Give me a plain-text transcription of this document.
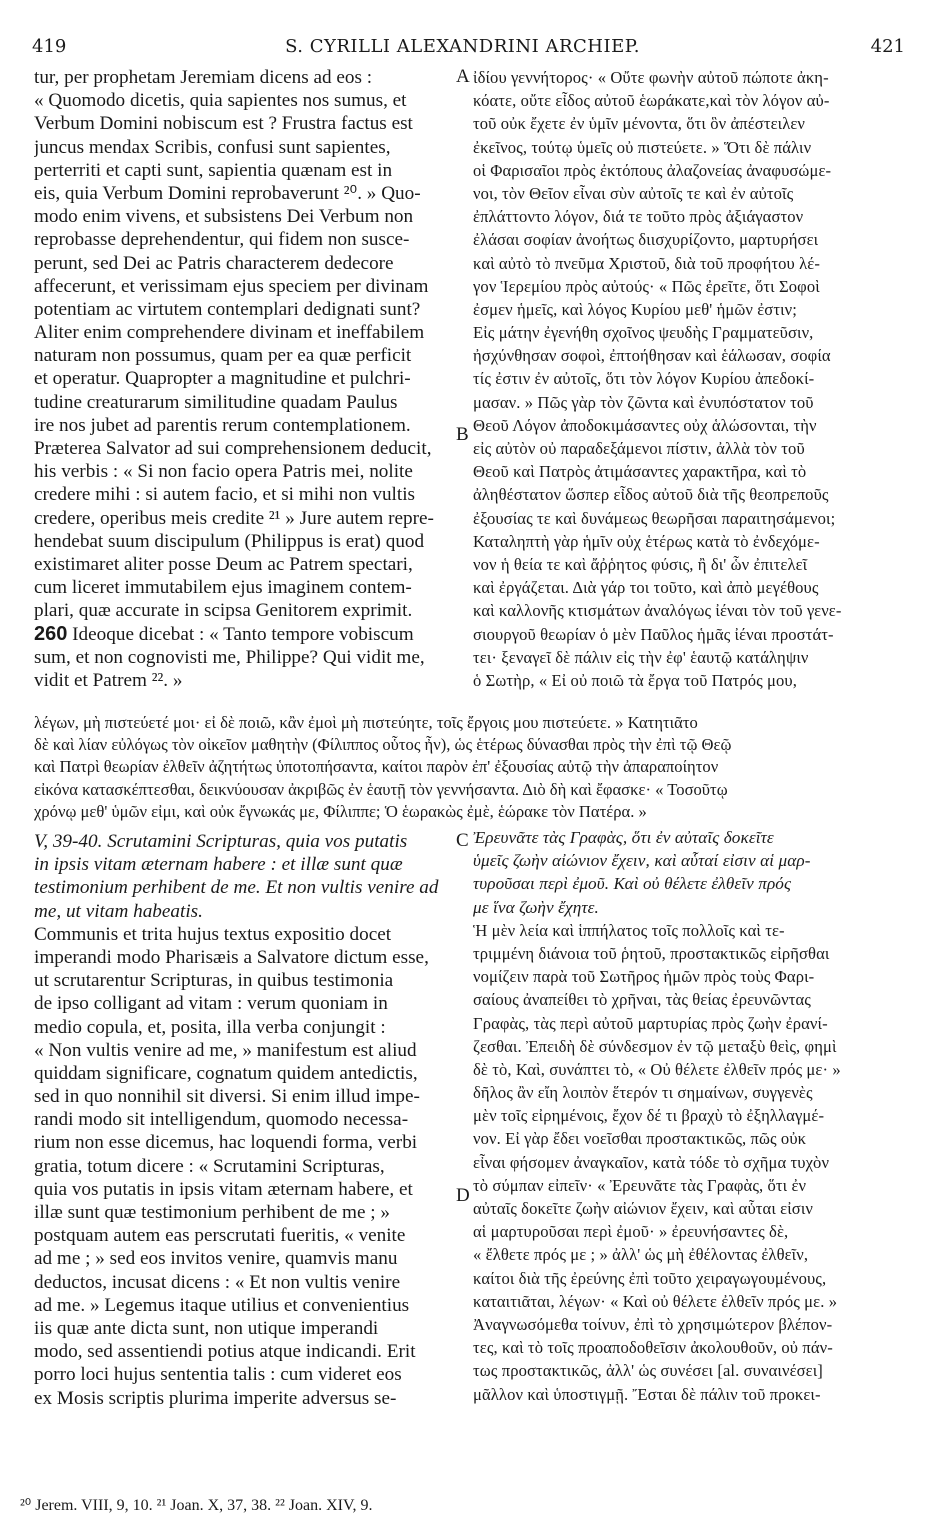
419	S. CYRILLI ALEXANDRINI ARCHIEP.	421
tur, per prophetam Jeremiam dicens ad eos :
« Quomodo dicetis, quia sapientes nos sumus, et
Verbum Domini nobiscum est ? Frustra factus est
juncus mendax Scribis, confusi sunt sapientes,
perterriti et capti sunt, sapientia quænam est in
eis, quia Verbum Domini reprobaverunt ²⁰. » Quo-
modo enim vivens, et subsistens Dei Verbum non
reprobasse deprehendentur, qui fidem non susce-
perunt, sed Dei ac Patris characterem dedecore
affecerunt, et verissimam ejus speciem per divinam
potentiam ac virtutem contemplari dedignati sunt?
Aliter enim comprehendere divinam et ineffabilem
naturam non possumus, quam per ea quæ perficit
et operatur. Quapropter a magnitudine et pulchri-
tudine creaturarum similitudine quadam Paulus
ire nos jubet ad parentis rerum contemplationem.
Præterea Salvator ad sui comprehensionem deducit,
his verbis : « Si non facio opera Patris mei, nolite
credere mihi : si autem facio, et si mihi non vultis
credere, operibus meis credite ²¹ » Jure autem repre-
hendebat suum discipulum (Philippus is erat) quod
existimaret aliter posse Deum ac Patrem spectari,
cum liceret immutabilem ejus imaginem contem-
plari, quæ accurate in scipsa Genitorem exprimit.
260 Ideoque dicebat : « Tanto tempore vobiscum
sum, et non cognovisti me, Philippe? Qui vidit me,
vidit et Patrem ²². »
ἰδίου γεννήτορος· « Οὔτε φωνὴν αὐτοῦ πώποτε ἀκη-
κόατε, οὔτε εἶδος αὐτοῦ ἑωράκατε,καὶ τὸν λόγον αὐ-
τοῦ οὐκ ἔχετε ἐν ὑμῖν μένοντα, ὅτι ὃν ἀπέστειλεν
ἐκεῖνος, τούτῳ ὑμεῖς οὐ πιστεύετε. » Ὅτι δὲ πάλιν
οἱ Φαρισαῖοι πρὸς ἐκτόπους ἀλαζονείας ἀναφυσώμε-
νοι, τὸν Θεῖον εἶναι σὺν αὐτοῖς τε καὶ ἐν αὐτοῖς
ἐπλάττοντο λόγον, διά τε τοῦτο πρὸς ἀξιάγαστον
ἐλάσαι σοφίαν ἀνοήτως διισχυρίζοντο, μαρτυρήσει
καὶ αὐτὸ τὸ πνεῦμα Χριστοῦ, διὰ τοῦ προφήτου λέ-
γον Ἱερεμίου πρὸς αὐτούς· « Πῶς ἐρεῖτε, ὅτι Σοφοὶ
ἐσμεν ἡμεῖς, καὶ λόγος Κυρίου μεθ' ἡμῶν ἐστιν;
Εἰς μάτην ἐγενήθη σχοῖνος ψευδὴς Γραμματεῦσιν,
ἠσχύνθησαν σοφοὶ, ἐπτοήθησαν καὶ ἑάλωσαν, σοφία
τίς ἐστιν ἐν αὐτοῖς, ὅτι τὸν λόγον Κυρίου ἀπεδοκί-
μασαν. » Πῶς γὰρ τὸν ζῶντα καὶ ἐνυπόστατον τοῦ
Θεοῦ Λόγον ἀποδοκιμάσαντες οὐχ ἁλώσονται, τὴν
εἰς αὐτὸν οὐ παραδεξάμενοι πίστιν, ἀλλὰ τὸν τοῦ
Θεοῦ καὶ Πατρὸς ἀτιμάσαντες χαρακτῆρα, καὶ τὸ
ἀληθέστατον ὥσπερ εἶδος αὐτοῦ διὰ τῆς θεοπρεποῦς
ἐξουσίας τε καὶ δυνάμεως θεωρῆσαι παραιτησάμενοι;
Καταληπτὴ γὰρ ἡμῖν οὐχ ἑτέρως κατὰ τὸ ἐνδεχόμε-
νον ἡ θεία τε καὶ ἄῤῥητος φύσις, ἢ δι' ὧν ἐπιτελεῖ
καὶ ἐργάζεται. Διὰ γάρ τοι τοῦτο, καὶ ἀπὸ μεγέθους
καὶ καλλονῆς κτισμάτων ἀναλόγως ἰέναι τὸν τοῦ γενε-
σιουργοῦ θεωρίαν ὁ μὲν Παῦλος ἡμᾶς ἰέναι προστάτ-
τει· ξεναγεῖ δὲ πάλιν εἰς τὴν ἐφ' ἑαυτῷ κατάληψιν
ὁ Σωτὴρ, « Εἰ οὐ ποιῶ τὰ ἔργα τοῦ Πατρός μου,
A
B
C
D
λέγων, μὴ πιστεύετέ μοι· εἰ δὲ ποιῶ, κἂν ἐμοὶ μὴ πιστεύητε, τοῖς ἔργοις μου πιστεύετε. » Κατητιᾶτο
δὲ καὶ λίαν εὐλόγως τὸν οἰκεῖον μαθητὴν (Φίλιππος οὗτος ἦν), ὡς ἑτέρως δύνασθαι πρὸς τὴν ἐπὶ τῷ Θεῷ
καὶ Πατρὶ θεωρίαν ἐλθεῖν ἀζητήτως ὑποτοπήσαντα, καίτοι παρὸν ἐπ' ἐξουσίας αὐτῷ τὴν ἀπαραποίητον
εἰκόνα κατασκέπτεσθαι, δεικνύουσαν ἀκριβῶς ἐν ἑαυτῇ τὸν γεννήσαντα. Διὸ δὴ καὶ ἔφασκε· « Τοσοῦτῳ
χρόνῳ μεθ' ὑμῶν εἰμι, καὶ οὐκ ἔγνωκάς με, Φίλιππε; Ὁ ἑωρακὼς ἐμὲ, ἑώρακε τὸν Πατέρα. »
V, 39-40. Scrutamini Scripturas, quia vos putatis
in ipsis vitam æternam habere : et illæ sunt quæ
testimonium perhibent de me. Et non vultis venire ad
me, ut vitam habeatis.
Communis et trita hujus textus expositio docet
imperandi modo Pharisæis a Salvatore dictum esse,
ut scrutarentur Scripturas, in quibus testimonia
de ipso colligant ad vitam : verum quoniam in
medio copula, et, posita, illa verba conjungit :
« Non vultis venire ad me, » manifestum est aliud
quiddam significare, cognatum quidem antedictis,
sed in quo nonnihil sit diversi. Si enim illud impe-
randi modo sit intelligendum, quomodo necessa-
rium non esse dicemus, hac loquendi forma, verbi
gratia, totum dicere : « Scrutamini Scripturas,
quia vos putatis in ipsis vitam æternam habere, et
illæ sunt quæ testimonium perhibent de me ; »
postquam autem eas perscrutati fueritis, « venite
ad me ; » sed eos invitos venire, quamvis manu
deductos, incusat dicens : « Et non vultis venire
ad me. » Legemus itaque utilius et convenientius
iis quæ ante dicta sunt, non utique imperandi
modo, sed assentiendi potius atque indicandi. Erit
porro loci hujus sententia talis : cum videret eos
ex Mosis scriptis plurima imperite adversus se-
Ἐρευνᾶτε τὰς Γραφὰς, ὅτι ἐν αὐταῖς δοκεῖτε
ὑμεῖς ζωὴν αἰώνιον ἔχειν, καὶ αὗταί εἰσιν αἱ μαρ-
τυροῦσαι περὶ ἐμοῦ. Καὶ οὐ θέλετε ἐλθεῖν πρός
με ἵνα ζωὴν ἔχητε.
Ἡ μὲν λεία καὶ ἱππήλατος τοῖς πολλοῖς καὶ τε-
τριμμένη διάνοια τοῦ ῥητοῦ, προστακτικῶς εἰρῆσθαι
νομίζειν παρὰ τοῦ Σωτῆρος ἡμῶν πρὸς τοὺς Φαρι-
σαίους ἀναπείθει τὸ χρῆναι, τὰς θείας ἐρευνῶντας
Γραφὰς, τὰς περὶ αὐτοῦ μαρτυρίας πρὸς ζωὴν ἐρανί-
ζεσθαι. Ἐπειδὴ δὲ σύνδεσμον ἐν τῷ μεταξὺ θεὶς, φημὶ
δὲ τὸ, Καὶ, συνάπτει τὸ, « Οὐ θέλετε ἐλθεῖν πρός με· »
δῆλος ἂν εἴη λοιπὸν ἕτερόν τι σημαίνων, συγγενὲς
μὲν τοῖς εἰρημένοις, ἔχον δέ τι βραχὺ τὸ ἐξηλλαγμέ-
νον. Εἰ γὰρ ἔδει νοεῖσθαι προστακτικῶς, πῶς οὐκ
εἶναι φήσομεν ἀναγκαῖον, κατὰ τόδε τὸ σχῆμα τυχὸν
τὸ σύμπαν εἰπεῖν· « Ἐρευνᾶτε τὰς Γραφὰς, ὅτι ἐν
αὐταῖς δοκεῖτε ζωὴν αἰώνιον ἔχειν, καὶ αὗται εἰσιν
αἱ μαρτυροῦσαι περὶ ἐμοῦ· » ἐρευνήσαντες δὲ,
« ἔλθετε πρός με ; » ἀλλ' ὡς μὴ ἐθέλοντας ἐλθεῖν,
καίτοι διὰ τῆς ἐρεύνης ἐπὶ τοῦτο χειραγωγουμένους,
καταιτιᾶται, λέγων· « Καὶ οὐ θέλετε ἐλθεῖν πρός με. »
Ἀναγνωσόμεθα τοίνυν, ἐπὶ τὸ χρησιμώτερον βλέπον-
τες, καὶ τὸ τοῖς προαποδοθεῖσιν ἀκολουθοῦν, οὐ πάν-
τως προστακτικῶς, ἀλλ' ὡς συνέσει [al. συναινέσει]
μᾶλλον καὶ ὑποστιγμῇ. Ἔσται δὲ πάλιν τοῦ προκει-
²⁰ Jerem. VIII, 9, 10. ²¹ Joan. X, 37, 38. ²² Joan. XIV, 9.
